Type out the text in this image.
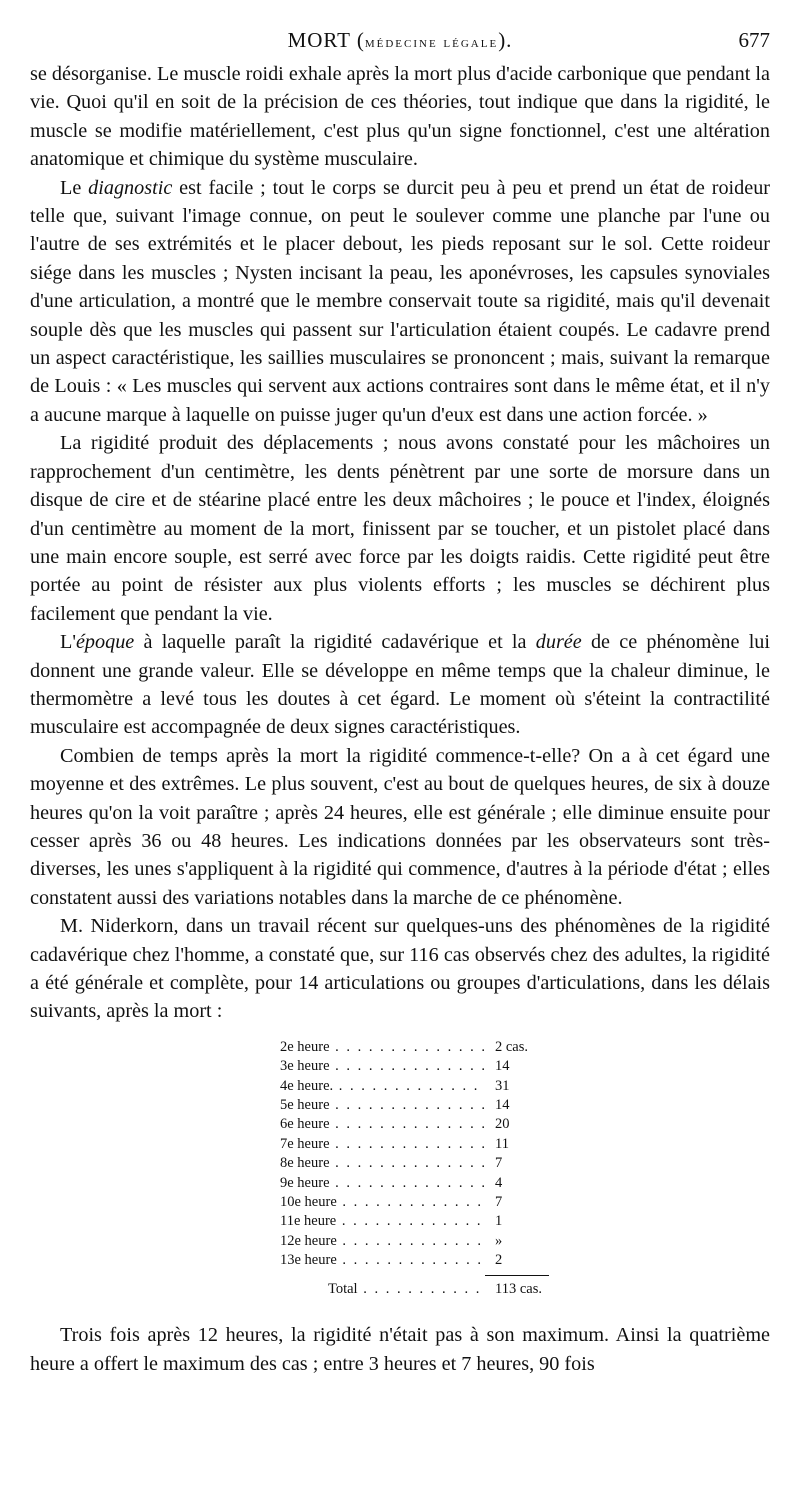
MORT (médecine légale).	677

se désorganise. Le muscle roidi exhale après la mort plus d'acide carbonique que pendant la vie. Quoi qu'il en soit de la précision de ces théories, tout indique que dans la rigidité, le muscle se modifie matériellement, c'est plus qu'un signe fonctionnel, c'est une altération anatomique et chimique du système musculaire.

Le diagnostic est facile ; tout le corps se durcit peu à peu et prend un état de roideur telle que, suivant l'image connue, on peut le soulever comme une planche par l'une ou l'autre de ses extrémités et le placer debout, les pieds reposant sur le sol. Cette roideur siége dans les muscles ; Nysten incisant la peau, les aponévroses, les capsules synoviales d'une articulation, a montré que le membre conservait toute sa rigidité, mais qu'il devenait souple dès que les muscles qui passent sur l'articulation étaient coupés. Le cadavre prend un aspect caractéristique, les saillies musculaires se prononcent ; mais, suivant la remarque de Louis : « Les muscles qui servent aux actions contraires sont dans le même état, et il n'y a aucune marque à laquelle on puisse juger qu'un d'eux est dans une action forcée. »

La rigidité produit des déplacements ; nous avons constaté pour les mâchoires un rapprochement d'un centimètre, les dents pénètrent par une sorte de morsure dans un disque de cire et de stéarine placé entre les deux mâchoires ; le pouce et l'index, éloignés d'un centimètre au moment de la mort, finissent par se toucher, et un pistolet placé dans une main encore souple, est serré avec force par les doigts raidis. Cette rigidité peut être portée au point de résister aux plus violents efforts ; les muscles se déchirent plus facilement que pendant la vie.

L'époque à laquelle paraît la rigidité cadavérique et la durée de ce phénomène lui donnent une grande valeur. Elle se développe en même temps que la chaleur diminue, le thermomètre a levé tous les doutes à cet égard. Le moment où s'éteint la contractilité musculaire est accompagnée de deux signes caractéristiques.

Combien de temps après la mort la rigidité commence-t-elle? On a à cet égard une moyenne et des extrêmes. Le plus souvent, c'est au bout de quelques heures, de six à douze heures qu'on la voit paraître ; après 24 heures, elle est générale ; elle diminue ensuite pour cesser après 36 ou 48 heures. Les indications données par les observateurs sont très-diverses, les unes s'appliquent à la rigidité qui commence, d'autres à la période d'état ; elles constatent aussi des variations notables dans la marche de ce phénomène.

M. Niderkorn, dans un travail récent sur quelques-uns des phénomènes de la rigidité cadavérique chez l'homme, a constaté que, sur 116 cas observés chez des adultes, la rigidité a été générale et complète, pour 14 articulations ou groupes d'articulations, dans les délais suivants, après la mort :

2e heure . . .	2 cas.
3e heure . . .	14
4e heure. . . .	31
5e heure . . .	14
6e heure . . .	20
7e heure . . .	11
8e heure . . .	7
9e heure . . .	4
10e heure . . .	7
11e heure . . .	1
12e heure . . .	»
13e heure . . .	2
Total . . .	113 cas.

Trois fois après 12 heures, la rigidité n'était pas à son maximum. Ainsi la quatrième heure a offert le maximum des cas ; entre 3 heures et 7 heures, 90 fois
